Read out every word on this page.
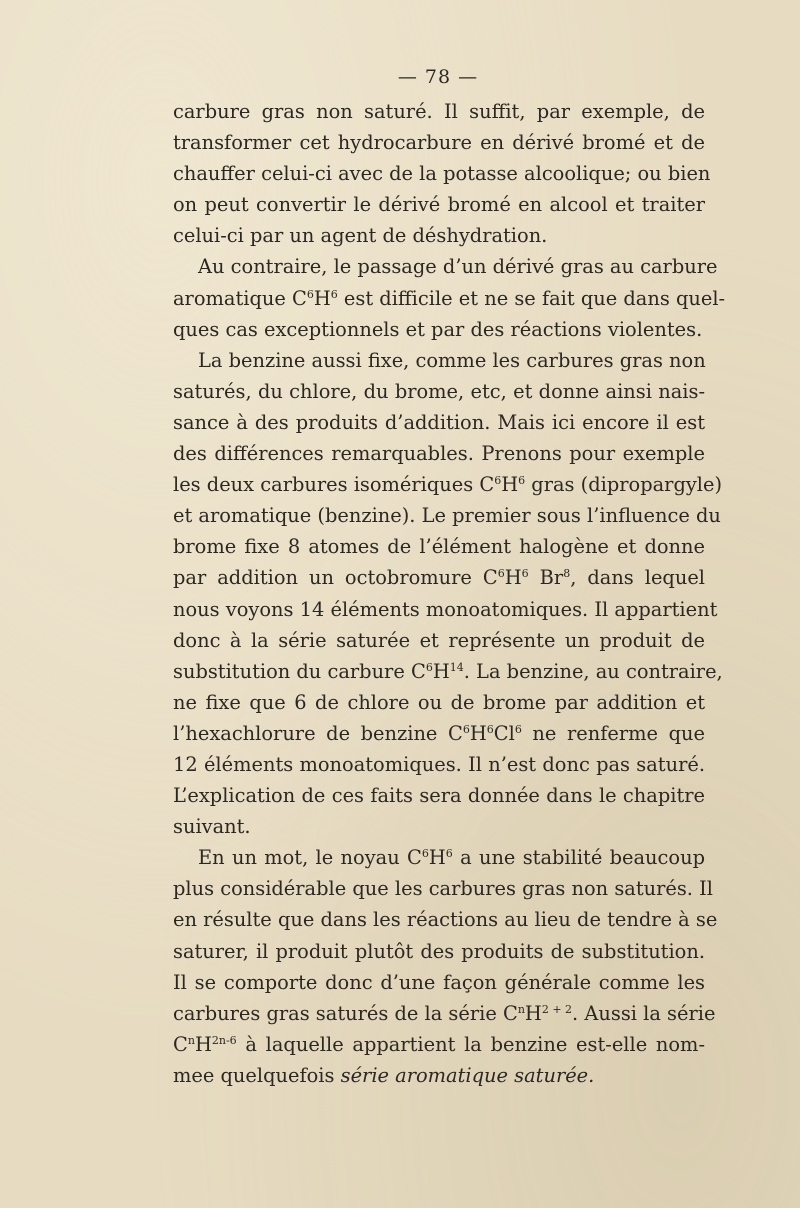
— 78 —
carbure gras non saturé. Il suffit, par exemple, de
transformer cet hydrocarbure en dérivé bromé et de
chauffer celui-ci avec de la potasse alcoolique; ou bien
on peut convertir le dérivé bromé en alcool et traiter
celui-ci par un agent de déshydration.
Au contraire, le passage d’un dérivé gras au carbure
aromatique $C^6H^6$ est difficile et ne se fait que dans quel-
ques cas exceptionnels et par des réactions violentes.
La benzine aussi fixe, comme les carbures gras non
saturés, du chlore, du brome, etc, et donne ainsi nais-
sance à des produits d’addition. Mais ici encore il est
des différences remarquables. Prenons pour exemple
les deux carbures isomériques $C^6H^6$ gras (dipropargyle)
et aromatique (benzine). Le premier sous l’influence du
brome fixe 8 atomes de l’élément halogène et donne
par addition un octobromure $C^6H^6$ Br$^8$, dans lequel
nous voyons 14 éléments monoatomiques. Il appartient
donc à la série saturée et représente un produit de
substitution du carbure $C^6H^{14}$. La benzine, au contraire,
ne fixe que 6 de chlore ou de brome par addition et
l’hexachlorure de benzine $C^6H^6Cl^6$ ne renferme que
12 éléments monoatomiques. Il n’est donc pas saturé.
L’explication de ces faits sera donnée dans le chapitre
suivant.
En un mot, le noyau $C^6H^6$ a une stabilité beaucoup
plus considérable que les carbures gras non saturés. Il
en résulte que dans les réactions au lieu de tendre à se
saturer, il produit plutôt des produits de substitution.
Il se comporte donc d’une façon générale comme les
carbures gras saturés de la série $C^nH^{2 + 2}$. Aussi la série
$C^nH^{2n-6}$ à laquelle appartient la benzine est-elle nom-
mee quelquefois série aromatique saturée.
